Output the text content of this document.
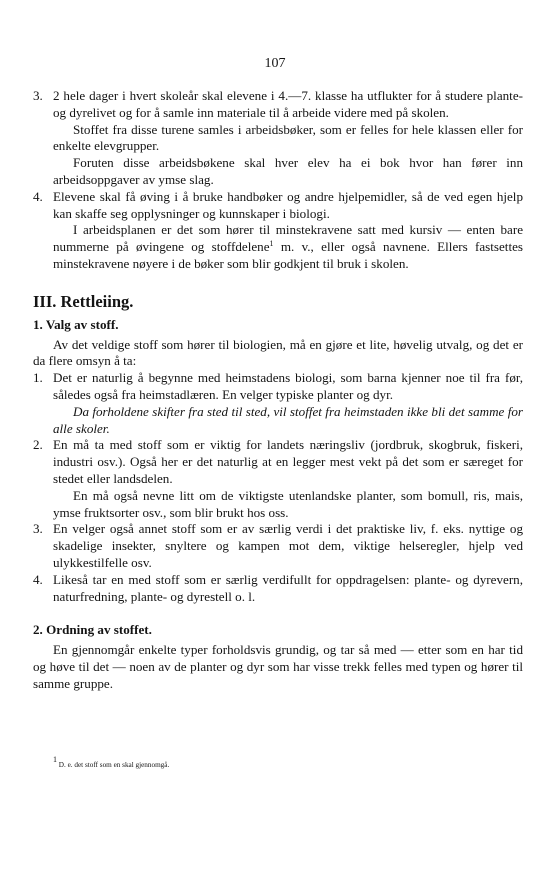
107
3. 2 hele dager i hvert skoleår skal elevene i 4.—7. klasse ha utflukter for å studere plante- og dyrelivet og for å samle inn materiale til å arbeide videre med på skolen.

Stoffet fra disse turene samles i arbeidsbøker, som er felles for hele klassen eller for enkelte elevgrupper.

Foruten disse arbeidsbøkene skal hver elev ha ei bok hvor han fører inn arbeidsoppgaver av ymse slag.

4. Elevene skal få øving i å bruke handbøker og andre hjelpemidler, så de ved egen hjelp kan skaffe seg opplysninger og kunnskaper i biologi.

I arbeidsplanen er det som hører til minstekravene satt med kursiv — enten bare nummerne på øvingene og stoffdelene$^1$ m. v., eller også navnene. Ellers fastsettes minstekravene nøyere i de bøker som blir godkjent til bruk i skolen.

III. Rettleiing.
1. Valg av stoff.

Av det veldige stoff som hører til biologien, må en gjøre et lite, høvelig utvalg, og det er da flere omsyn å ta:

1. Det er naturlig å begynne med heimstadens biologi, som barna kjenner noe til fra før, således også fra heimstadlæren. En velger typiske planter og dyr.

Da forholdene skifter fra sted til sted, vil stoffet fra heimstaden ikke bli det samme for alle skoler.

2. En må ta med stoff som er viktig for landets næringsliv (jordbruk, skogbruk, fiskeri, industri osv.). Også her er det naturlig at en legger mest vekt på det som er særeget for stedet eller landsdelen.

En må også nevne litt om de viktigste utenlandske planter, som bomull, ris, mais, ymse fruktsorter osv., som blir brukt hos oss.

3. En velger også annet stoff som er av særlig verdi i det praktiske liv, f. eks. nyttige og skadelige insekter, snyltere og kampen mot dem, viktige helseregler, hjelp ved ulykkestilfelle osv.

4. Likeså tar en med stoff som er særlig verdifullt for oppdragelsen: plante- og dyrevern, naturfredning, plante- og dyrestell o. l.

2. Ordning av stoffet.

En gjennomgår enkelte typer forholdsvis grundig, og tar så med — etter som en har tid og høve til det — noen av de planter og dyr som har visse trekk felles med typen og hører til samme gruppe.

$^1$ D. e. det stoff som en skal gjennomgå.
